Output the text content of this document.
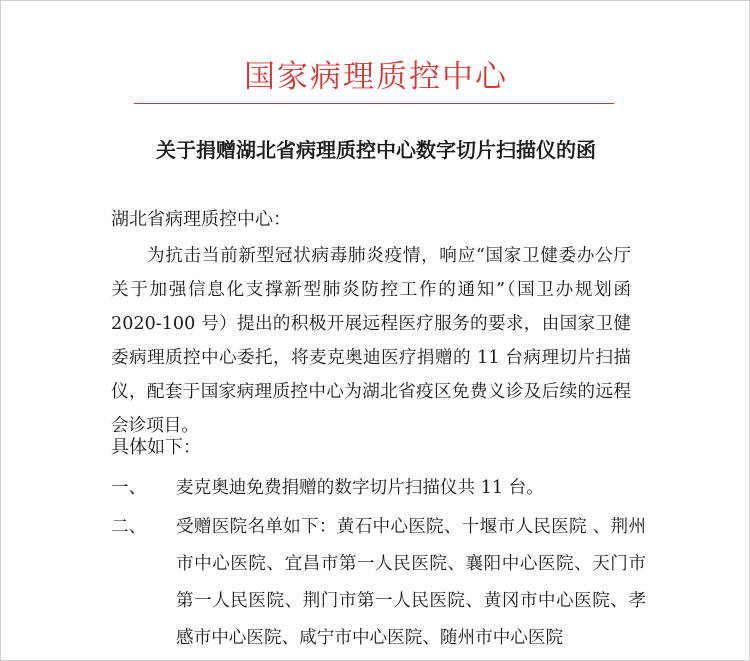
国家病理质控中心
关于捐赠湖北省病理质控中心数字切片扫描仪的函
湖北省病理质控中心：

为抗击当前新型冠状病毒肺炎疫情，响应“国家卫健委办公厅关于加强信息化支撑新型肺炎防控工作的通知”（国卫办规划函 2020-100 号）提出的积极开展远程医疗服务的要求，由国家卫健委病理质控中心委托，将麦克奥迪医疗捐赠的 11 台病理切片扫描仪，配套于国家病理质控中心为湖北省疫区免费义诊及后续的远程会诊项目。

具体如下：
一、 麦克奥迪免费捐赠的数字切片扫描仪共 11 台。
二、 受赠医院名单如下：黄石中心医院、十堰市人民医院 、荆州市中心医院、宜昌市第一人民医院、襄阳中心医院、天门市第一人民医院、荆门市第一人民医院、黄冈市中心医院、孝感市中心医院、咸宁市中心医院、随州市中心医院
